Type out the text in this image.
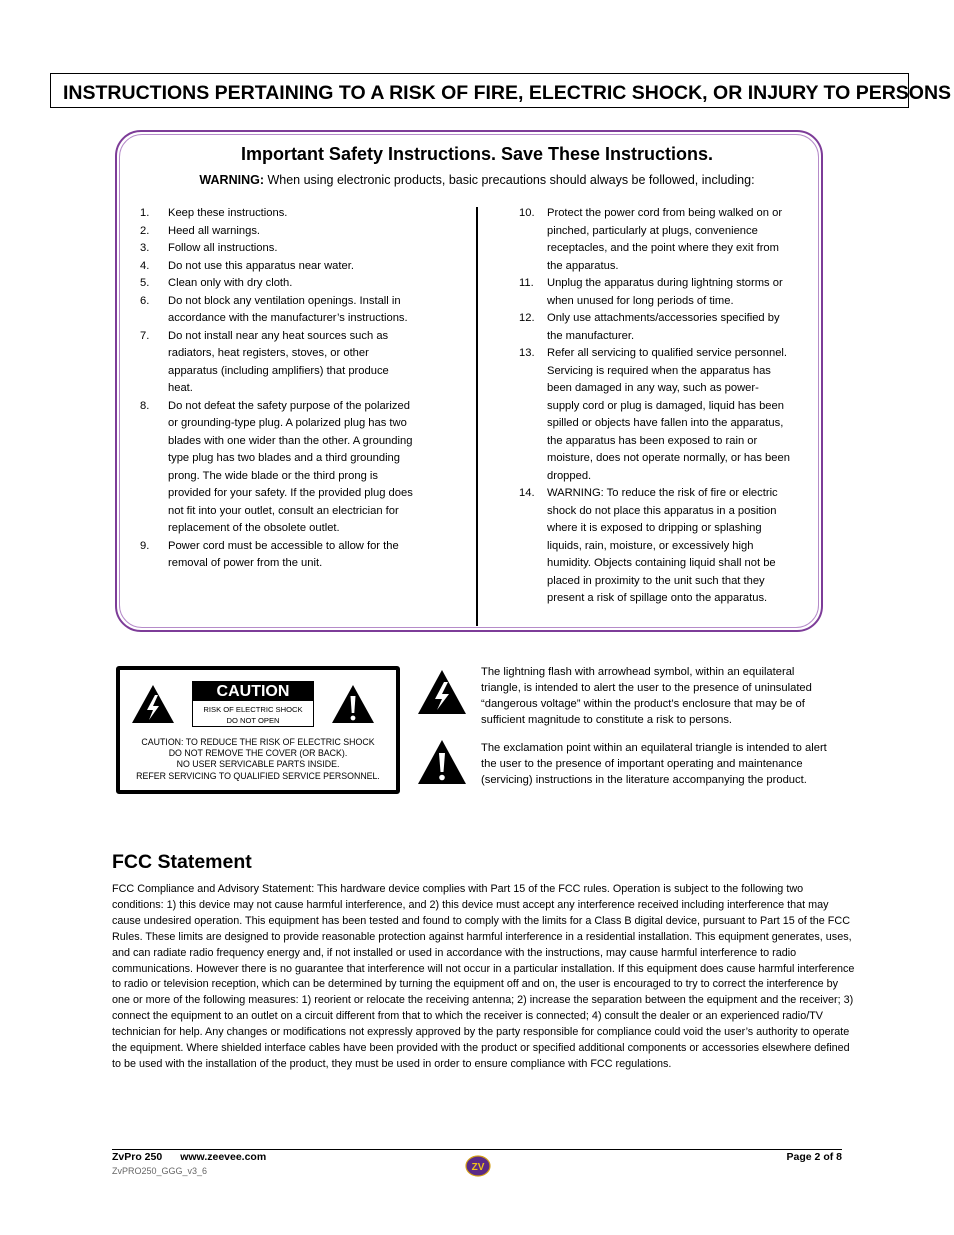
INSTRUCTIONS PERTAINING TO A RISK OF FIRE, ELECTRIC SHOCK, OR INJURY TO PERSONS
Important Safety Instructions. Save These Instructions.
WARNING: When using electronic products, basic precautions should always be followed, including:
1. Keep these instructions.
2. Heed all warnings.
3. Follow all instructions.
4. Do not use this apparatus near water.
5. Clean only with dry cloth.
6. Do not block any ventilation openings. Install in accordance with the manufacturer’s instructions.
7. Do not install near any heat sources such as radiators, heat registers, stoves, or other apparatus (including amplifiers) that produce heat.
8. Do not defeat the safety purpose of the polarized or grounding-type plug. A polarized plug has two blades with one wider than the other. A grounding type plug has two blades and a third grounding prong. The wide blade or the third prong is provided for your safety. If the provided plug does not fit into your outlet, consult an electrician for replacement of the obsolete outlet.
9. Power cord must be accessible to allow for the removal of power from the unit.
10. Protect the power cord from being walked on or pinched, particularly at plugs, convenience receptacles, and the point where they exit from the apparatus.
11. Unplug the apparatus during lightning storms or when unused for long periods of time.
12. Only use attachments/accessories specified by the manufacturer.
13. Refer all servicing to qualified service personnel. Servicing is required when the apparatus has been damaged in any way, such as power-supply cord or plug is damaged, liquid has been spilled or objects have fallen into the apparatus, the apparatus has been exposed to rain or moisture, does not operate normally, or has been dropped.
14. WARNING: To reduce the risk of fire or electric shock do not place this apparatus in a position where it is exposed to dripping or splashing liquids, rain, moisture, or excessively high humidity. Objects containing liquid shall not be placed in proximity to the unit such that they present a risk of spillage onto the apparatus.
CAUTION
RISK OF ELECTRIC SHOCK
DO NOT OPEN
CAUTION: TO REDUCE THE RISK OF ELECTRIC SHOCK
DO NOT REMOVE THE COVER (OR BACK).
NO USER SERVICABLE PARTS INSIDE.
REFER SERVICING TO QUALIFIED SERVICE PERSONNEL.
The lightning flash with arrowhead symbol, within an equilateral triangle, is intended to alert the user to the presence of uninsulated “dangerous voltage” within the product’s enclosure that may be of sufficient magnitude to constitute a risk to persons.
The exclamation point within an equilateral triangle is intended to alert the user to the presence of important operating and maintenance (servicing) instructions in the literature accompanying the product.
FCC Statement
FCC Compliance and Advisory Statement: This hardware device complies with Part 15 of the FCC rules. Operation is subject to the following two conditions: 1) this device may not cause harmful interference, and 2) this device must accept any interference received including interference that may cause undesired operation. This equipment has been tested and found to comply with the limits for a Class B digital device, pursuant to Part 15 of the FCC Rules. These limits are designed to provide reasonable protection against harmful interference in a residential installation. This equipment generates, uses, and can radiate radio frequency energy and, if not installed or used in accordance with the instructions, may cause harmful interference to radio communications. However there is no guarantee that interference will not occur in a particular installation. If this equipment does cause harmful interference to radio or television reception, which can be determined by turning the equipment off and on, the user is encouraged to try to correct the interference by one or more of the following measures: 1) reorient or relocate the receiving antenna; 2) increase the separation between the equipment and the receiver; 3) connect the equipment to an outlet on a circuit different from that to which the receiver is connected; 4) consult the dealer or an experienced radio/TV technician for help. Any changes or modifications not expressly approved by the party responsible for compliance could void the user’s authority to operate the equipment. Where shielded interface cables have been provided with the product or specified additional components or accessories elsewhere defined to be used with the installation of the product, they must be used in order to ensure compliance with FCC regulations.
ZvPro 250 www.zeevee.com
ZvPRO250_GGG_v3_6
Page 2 of 8
ZV
